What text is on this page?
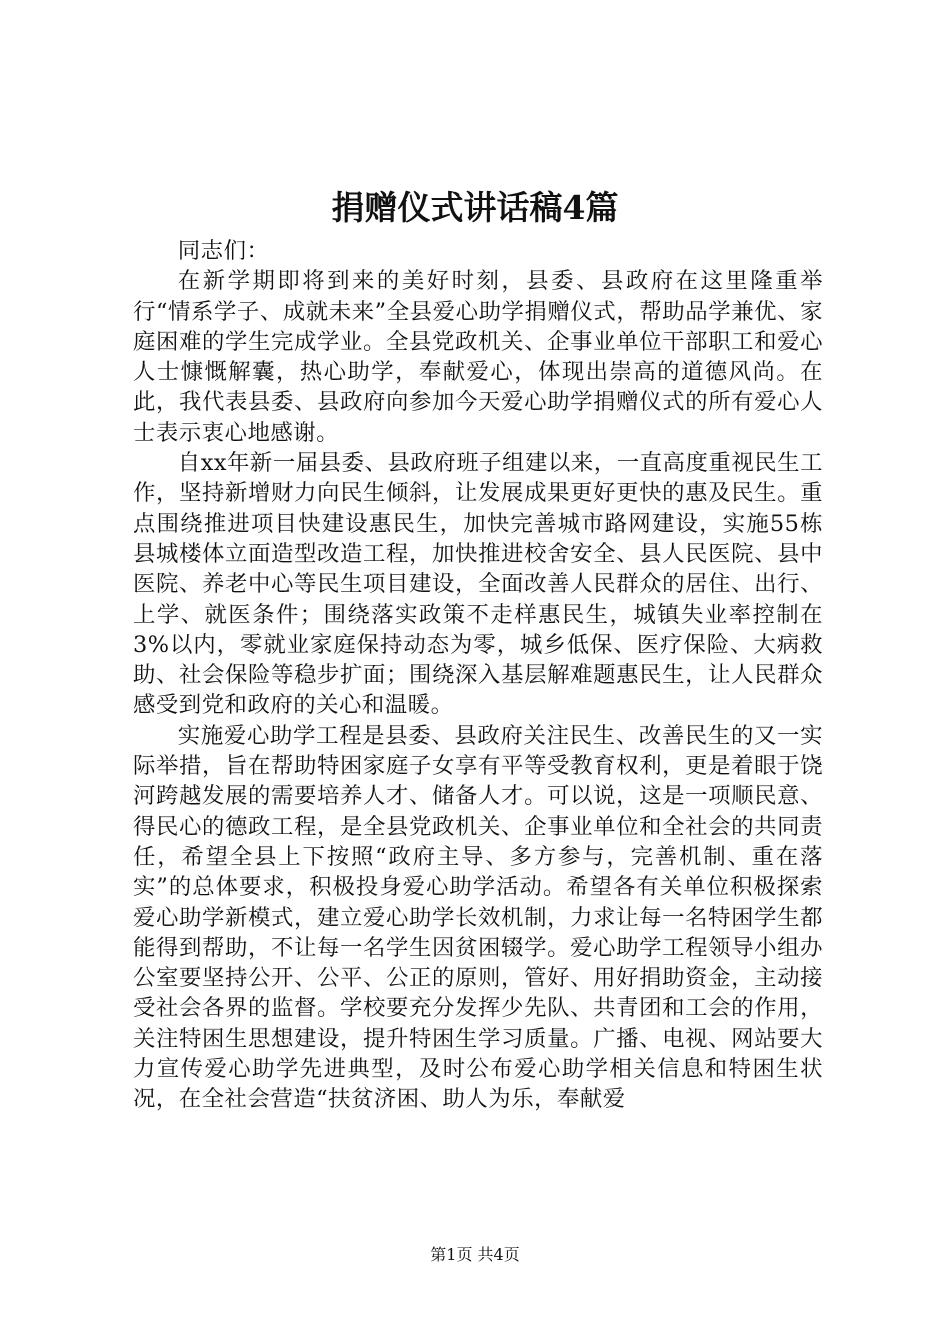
捐赠仪式讲话稿4篇

同志们：

在新学期即将到来的美好时刻，县委、县政府在这里隆重举行“情系学子、成就未来”全县爱心助学捐赠仪式，帮助品学兼优、家庭困难的学生完成学业。全县党政机关、企事业单位干部职工和爱心人士慷慨解囊，热心助学，奉献爱心，体现出崇高的道德风尚。在此，我代表县委、县政府向参加今天爱心助学捐赠仪式的所有爱心人士表示衷心地感谢。

自xx年新一届县委、县政府班子组建以来，一直高度重视民生工作，坚持新增财力向民生倾斜，让发展成果更好更快的惠及民生。重点围绕推进项目快建设惠民生，加快完善城市路网建设，实施55栋县城楼体立面造型改造工程，加快推进校舍安全、县人民医院、县中医院、养老中心等民生项目建设，全面改善人民群众的居住、出行、上学、就医条件；围绕落实政策不走样惠民生，城镇失业率控制在3%以内，零就业家庭保持动态为零，城乡低保、医疗保险、大病救助、社会保险等稳步扩面；围绕深入基层解难题惠民生，让人民群众感受到党和政府的关心和温暖。

实施爱心助学工程是县委、县政府关注民生、改善民生的又一实际举措，旨在帮助特困家庭子女享有平等受教育权利，更是着眼于饶河跨越发展的需要培养人才、储备人才。可以说，这是一项顺民意、得民心的德政工程，是全县党政机关、企事业单位和全社会的共同责任，希望全县上下按照“政府主导、多方参与，完善机制、重在落实”的总体要求，积极投身爱心助学活动。希望各有关单位积极探索爱心助学新模式，建立爱心助学长效机制，力求让每一名特困学生都能得到帮助，不让每一名学生因贫困辍学。爱心助学工程领导小组办公室要坚持公开、公平、公正的原则，管好、用好捐助资金，主动接受社会各界的监督。学校要充分发挥少先队、共青团和工会的作用，关注特困生思想建设，提升特困生学习质量。广播、电视、网站要大力宣传爱心助学先进典型，及时公布爱心助学相关信息和特困生状况，在全社会营造“扶贫济困、助人为乐，奉献爱

第1页 共4页
